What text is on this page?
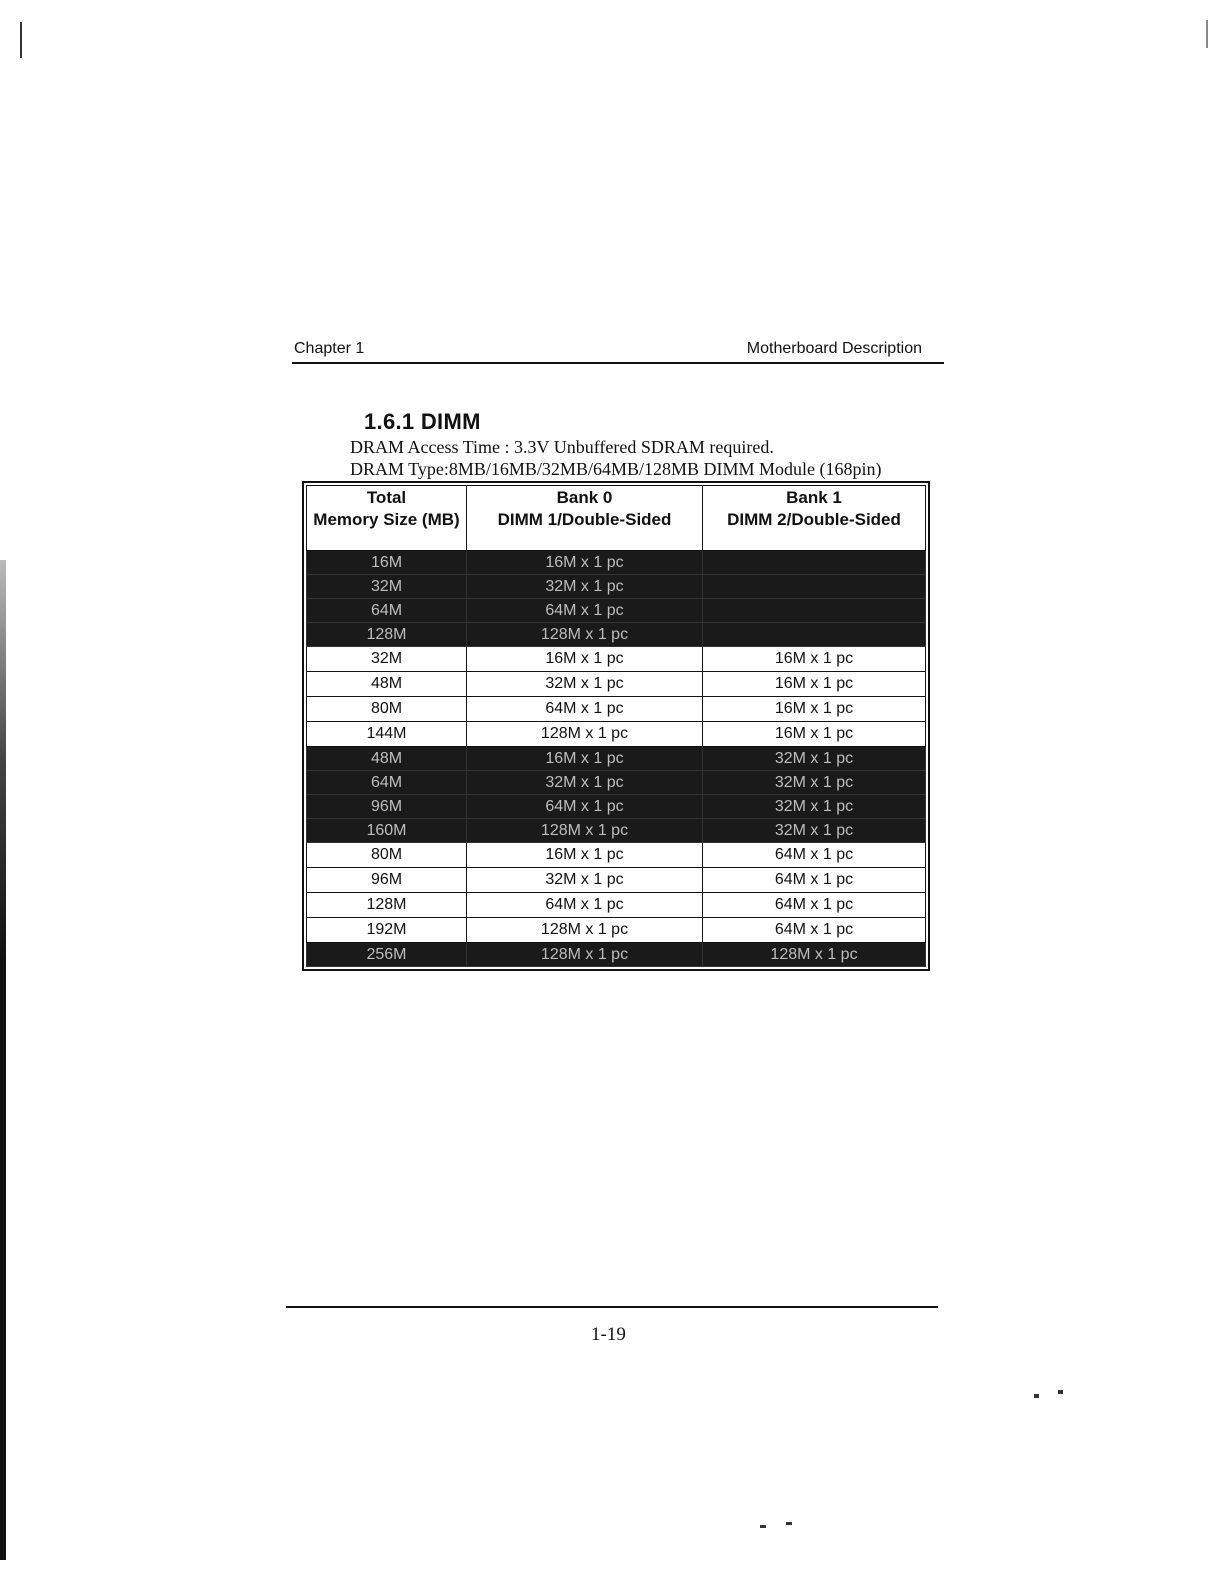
Chapter 1	Motherboard Description
1.6.1 DIMM
DRAM Access Time : 3.3V Unbuffered SDRAM required.
DRAM Type:8MB/16MB/32MB/64MB/128MB DIMM Module (168pin)
Total	Bank 0	Bank 1
Memory Size (MB)	DIMM 1/Double-Sided	DIMM 2/Double-Sided
16M	16M x 1 pc	
32M	32M x 1 pc	
64M	64M x 1 pc	
128M	128M x 1 pc	
32M	16M x 1 pc	16M x 1 pc
48M	32M x 1 pc	16M x 1 pc
80M	64M x 1 pc	16M x 1 pc
144M	128M x 1 pc	16M x 1 pc
48M	16M x 1 pc	32M x 1 pc
64M	32M x 1 pc	32M x 1 pc
96M	64M x 1 pc	32M x 1 pc
160M	128M x 1 pc	32M x 1 pc
80M	16M x 1 pc	64M x 1 pc
96M	32M x 1 pc	64M x 1 pc
128M	64M x 1 pc	64M x 1 pc
192M	128M x 1 pc	64M x 1 pc
256M	128M x 1 pc	128M x 1 pc
1-19
